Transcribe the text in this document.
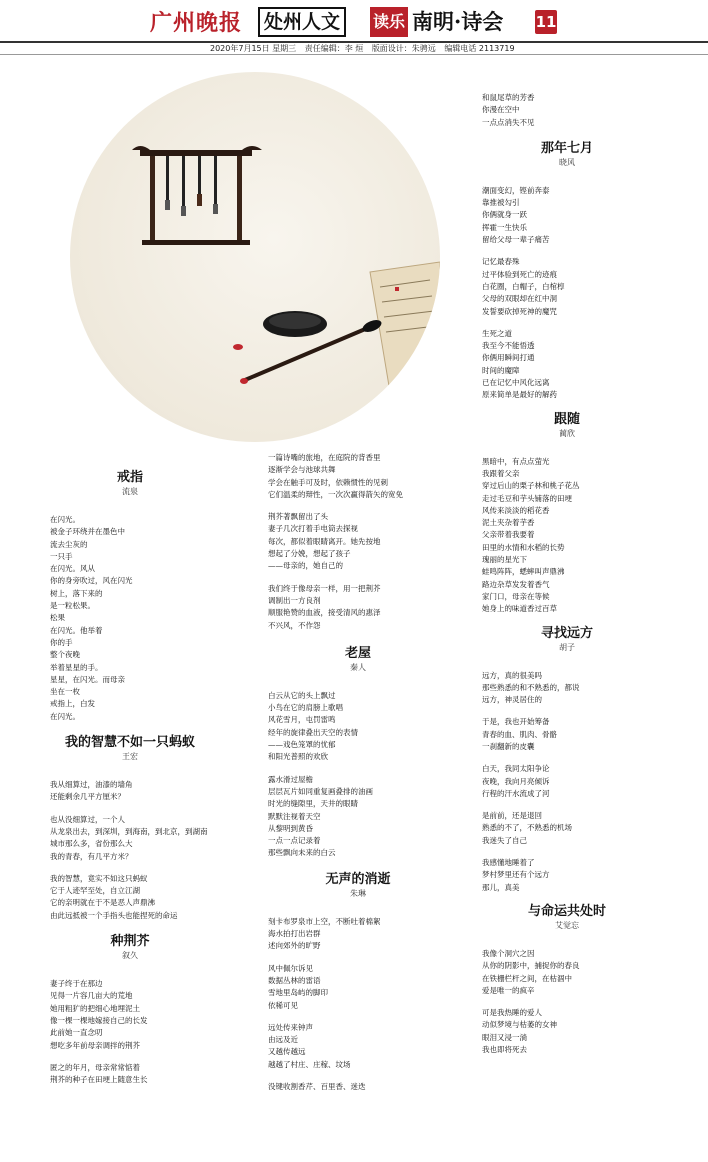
广州晚报	处州人文	读乐 南明·诗会 11
2020年7月15日 星期三 责任编辑：李 烜 版面设计：朱骋远 编辑电话 2113719

戒指

流泉

在闪光。
被金子环绕并在墨色中
流去尘灰的
一只手
在闪光。风从
你的身旁吹过，风在闪光
树上，落下来的
是一粒松果。
松果
在闪光。他举着
你的手
整个夜晚
举着星星的手。
星星，在闪光。而母亲
坐在一枚
戒指上，白发
在闪光。

我的智慧不如一只蚂蚁

王宏

我从细算过，油漆的墙角
还能剩余几平方厘米？
也从没细算过，一个人
从龙泉出去，到深圳，到海南，到北京，到湖南
城市那么多，省份那么大
我的青春，有几平方米？
我的智慧，竟实不如这只蚂蚁
它于人迹罕至处，自立江湖
它的亲明就在于不是恶人声鼎沸
由此远抵被一个手指头也能捏死的命运

种荆芥

叙久

妻子终于在那边
见得一片容几亩大的荒地
她用粗犷的把细心地埋泥土
像一棵一棵地嫁接自己的长发
此前她一直念叨
想吃多年前母亲调拌的荆芥
匿之的年月，母亲常常惦着
荆芥的种子在田埂上随意生长
一篇诗嘴的旅地，在庭院的背香里
逐渐学会与池球共舞
学会在触手可及时，依赖惯性的见刺
它们温柔的辩性，一次次赢得箭矢的宽免
荆芥著飘留出了头
妻子几次打着手电筒去探视
每次，都似着眼睛离开。她先按地
想起了分娩，想起了孩子
——母亲的，她自己的
我们终于像母亲一样，用一把荆芥
调制出一方良剂
顺服艳赞的血液，接受清风的惠泽
不兴风，不作怨

老屋

秦人

白云从它的头上飘过
小鸟在它的肩膀上歌唱
风花雪月，屯罚雷鸣
经年的旋律叠出天空的表情
——戏色笼罩的忧郁
和阳光普照的欢欣
露水滑过屋檐
层层瓦片如同重复画叠排的油画
时光的缝隙里，天井的眼睛
默默注视着天空
从黎明到黄昏
一点一点记录着
那些飘向未来的白云

无声的消逝

朱琳

刻卡布罗泉市上空，不断吐着棉絮
海水拍打出岩群
述向郊外的旷野
风中佩尔诉见
数据丛林的雷语
雪地里岛屿的脚印
依稀可见
远处传来钟声
由远及近
又越传越远
越越了村庄、庄稼、坟场
没键收割香芹、百里香、迷迭
和鼠尾草的芳香
你漫在空中
一点点消失不见

那年七月

晓风

潮面变幻，铿前奔泰
靠推被勾引
你俩就身一跃
挥霍一生快乐
留给父母一辈子痛苦
记忆最春殊
过平体验到死亡的迹痕
白花圈，白帽子，白棺椁
父母的双眼却在红中洞
发誓要砍掉死神的魔咒
生死之道
我至今不能悟透
你俩用瞬间打通
时间的魔障
已在记忆中风化远离
原来简单是最好的解药

跟随

蔺欣

黑暗中，有点点萤光
我跟着父亲
穿过后山的栗子林和桃子花丛
走过毛豆和芋头铺落的田埂
风传来淡淡的稻花香
泥土夹杂着芋香
父亲带着我要着
田里的水情和水稻的长势
瑰丽的星光下
蛙鸣阵阵，蟋蟀叫声鼎沸
路边杂草发发着香气
家门口，母亲在等候
她身上的味道香过百草

寻找远方

胡子

远方，真的很美吗
那些熟悉的和不熟悉的，都说
远方，神灵居住的
于是，我也开始筹备
青春的血、肌肉、骨骼
一刹翻新的皮囊
白天，我同太阳争论
夜晚，我向月亮倾诉
行程的汗水流成了河
是前前，还是退回
熟悉的不了，不熟悉的机场
我迷失了自己
我感懂地睡着了
梦村梦里还有个远方
那儿，真美

与命运共处时

艾觉忘

我像个洞穴之因
从你的阴影中，捕捉你的春良
在铁栅栏杆之间，在枯涸中
爱是唯一的疯辛
可是我热睡的爱人
动似梦境与枯萎的女神
眼泪又浸一淌
我也即将死去
